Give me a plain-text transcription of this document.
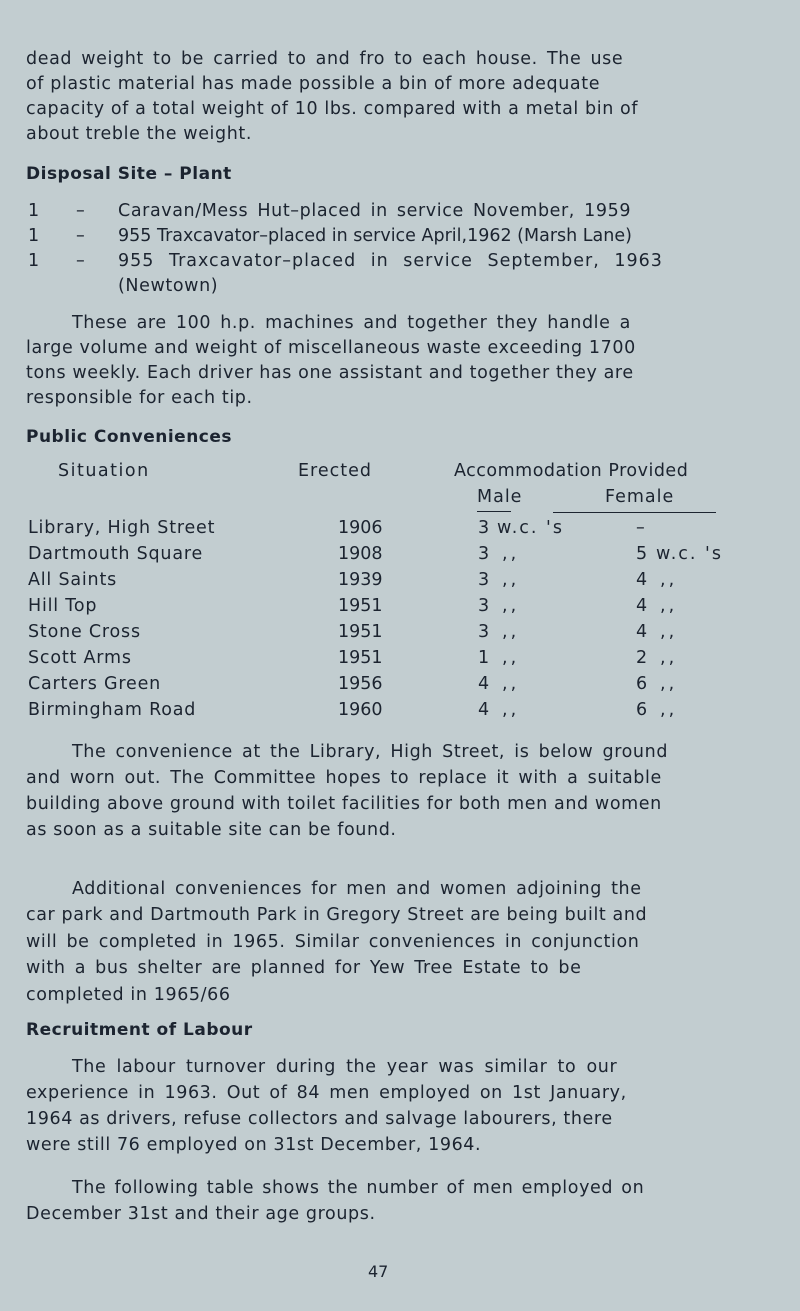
dead weight to be carried to and fro to each house. The use
of plastic material has made possible a bin of more adequate
capacity of a total weight of 10 lbs. compared with a metal bin of
about treble the weight.
Disposal Site – Plant
1 – Caravan/Mess Hut–placed in service November, 1959
1 – 955 Traxcavator–placed in service April,1962 (Marsh Lane)
1 – 955 Traxcavator–placed in service September, 1963
(Newtown)
These are 100 h.p. machines and together they handle a
large volume and weight of miscellaneous waste exceeding 1700
tons weekly. Each driver has one assistant and together they are
responsible for each tip.
Public Conveniences
Situation	Erected	Accommodation Provided
Male	Female
Library, High Street	1906	3 w.c. 's	–
Dartmouth Square	1908	3 ,,	5 w.c. 's
All Saints	1939	3 ,,	4 ,,
Hill Top	1951	3 ,,	4 ,,
Stone Cross	1951	3 ,,	4 ,,
Scott Arms	1951	1 ,,	2 ,,
Carters Green	1956	4 ,,	6 ,,
Birmingham Road	1960	4 ,,	6 ,,
The convenience at the Library, High Street, is below ground
and worn out. The Committee hopes to replace it with a suitable
building above ground with toilet facilities for both men and women
as soon as a suitable site can be found.
Additional conveniences for men and women adjoining the
car park and Dartmouth Park in Gregory Street are being built and
will be completed in 1965. Similar conveniences in conjunction
with a bus shelter are planned for Yew Tree Estate to be
completed in 1965/66
Recruitment of Labour
The labour turnover during the year was similar to our
experience in 1963. Out of 84 men employed on 1st January,
1964 as drivers, refuse collectors and salvage labourers, there
were still 76 employed on 31st December, 1964.
The following table shows the number of men employed on
December 31st and their age groups.
47
